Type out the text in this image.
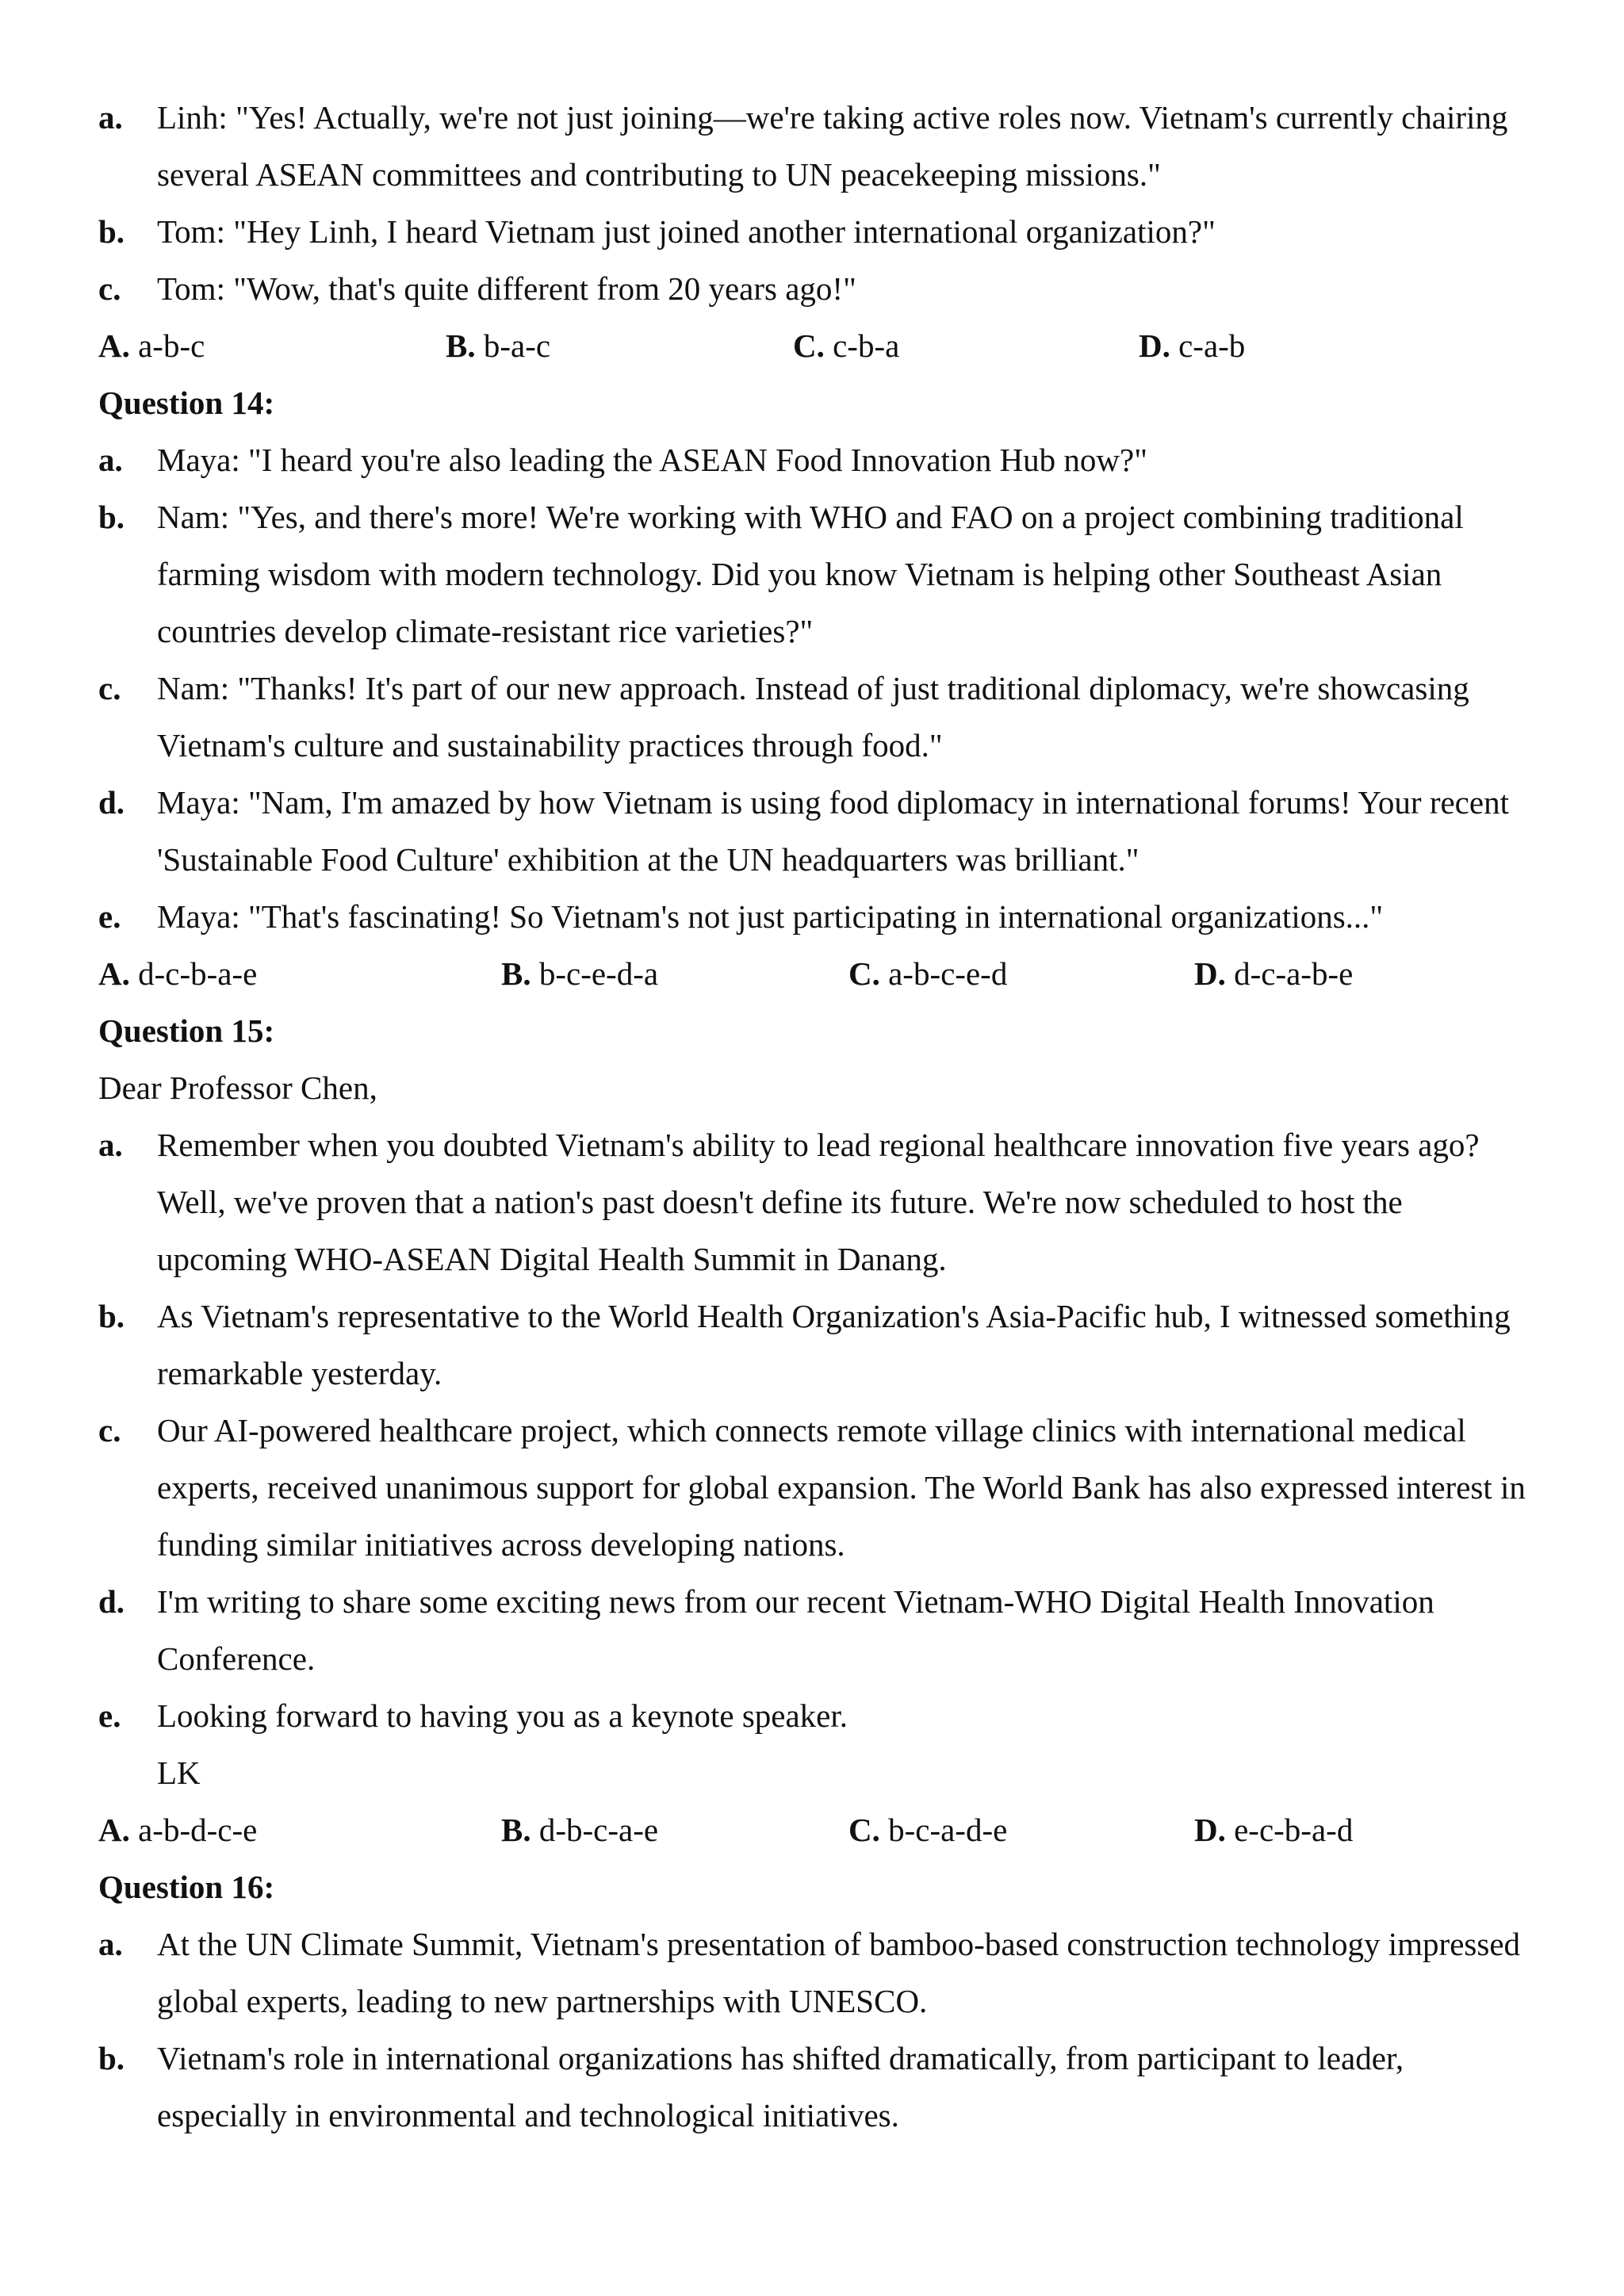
a. Linh: "Yes! Actually, we're not just joining—we're taking active roles now. Vietnam's currently chairing
several ASEAN committees and contributing to UN peacekeeping missions."
b. Tom: "Hey Linh, I heard Vietnam just joined another international organization?"
c. Tom: "Wow, that's quite different from 20 years ago!"
A. a-b-c	B. b-a-c	C. c-b-a	D. c-a-b
Question 14:
a. Maya: "I heard you're also leading the ASEAN Food Innovation Hub now?"
b. Nam: "Yes, and there's more! We're working with WHO and FAO on a project combining traditional
farming wisdom with modern technology. Did you know Vietnam is helping other Southeast Asian
countries develop climate-resistant rice varieties?"
c. Nam: "Thanks! It's part of our new approach. Instead of just traditional diplomacy, we're showcasing
Vietnam's culture and sustainability practices through food."
d. Maya: "Nam, I'm amazed by how Vietnam is using food diplomacy in international forums! Your recent
'Sustainable Food Culture' exhibition at the UN headquarters was brilliant."
e. Maya: "That's fascinating! So Vietnam's not just participating in international organizations..."
A. d-c-b-a-e	B. b-c-e-d-a	C. a-b-c-e-d	D. d-c-a-b-e
Question 15:
Dear Professor Chen,
a. Remember when you doubted Vietnam's ability to lead regional healthcare innovation five years ago?
Well, we've proven that a nation's past doesn't define its future. We're now scheduled to host the
upcoming WHO-ASEAN Digital Health Summit in Danang.
b. As Vietnam's representative to the World Health Organization's Asia-Pacific hub, I witnessed something
remarkable yesterday.
c. Our AI-powered healthcare project, which connects remote village clinics with international medical
experts, received unanimous support for global expansion. The World Bank has also expressed interest in
funding similar initiatives across developing nations.
d. I'm writing to share some exciting news from our recent Vietnam-WHO Digital Health Innovation
Conference.
e. Looking forward to having you as a keynote speaker.
LK
A. a-b-d-c-e	B. d-b-c-a-e	C. b-c-a-d-e	D. e-c-b-a-d
Question 16:
a. At the UN Climate Summit, Vietnam's presentation of bamboo-based construction technology impressed
global experts, leading to new partnerships with UNESCO.
b. Vietnam's role in international organizations has shifted dramatically, from participant to leader,
especially in environmental and technological initiatives.
